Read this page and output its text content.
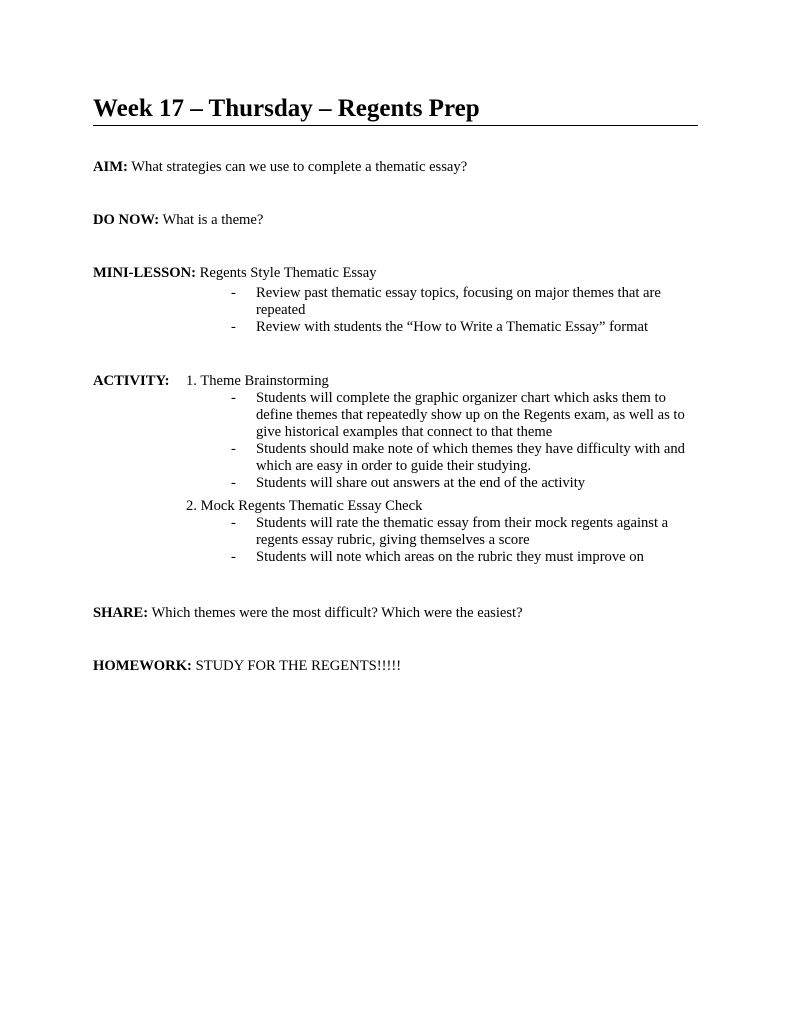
Week 17 – Thursday – Regents Prep
AIM: What strategies can we use to complete a thematic essay?
DO NOW: What is a theme?
MINI-LESSON: Regents Style Thematic Essay
- Review past thematic essay topics, focusing on major themes that are repeated
- Review with students the “How to Write a Thematic Essay” format
ACTIVITY: 1. Theme Brainstorming
- Students will complete the graphic organizer chart which asks them to define themes that repeatedly show up on the Regents exam, as well as to give historical examples that connect to that theme
- Students should make note of which themes they have difficulty with and which are easy in order to guide their studying.
- Students will share out answers at the end of the activity
2. Mock Regents Thematic Essay Check
- Students will rate the thematic essay from their mock regents against a regents essay rubric, giving themselves a score
- Students will note which areas on the rubric they must improve on
SHARE: Which themes were the most difficult? Which were the easiest?
HOMEWORK: STUDY FOR THE REGENTS!!!!!
